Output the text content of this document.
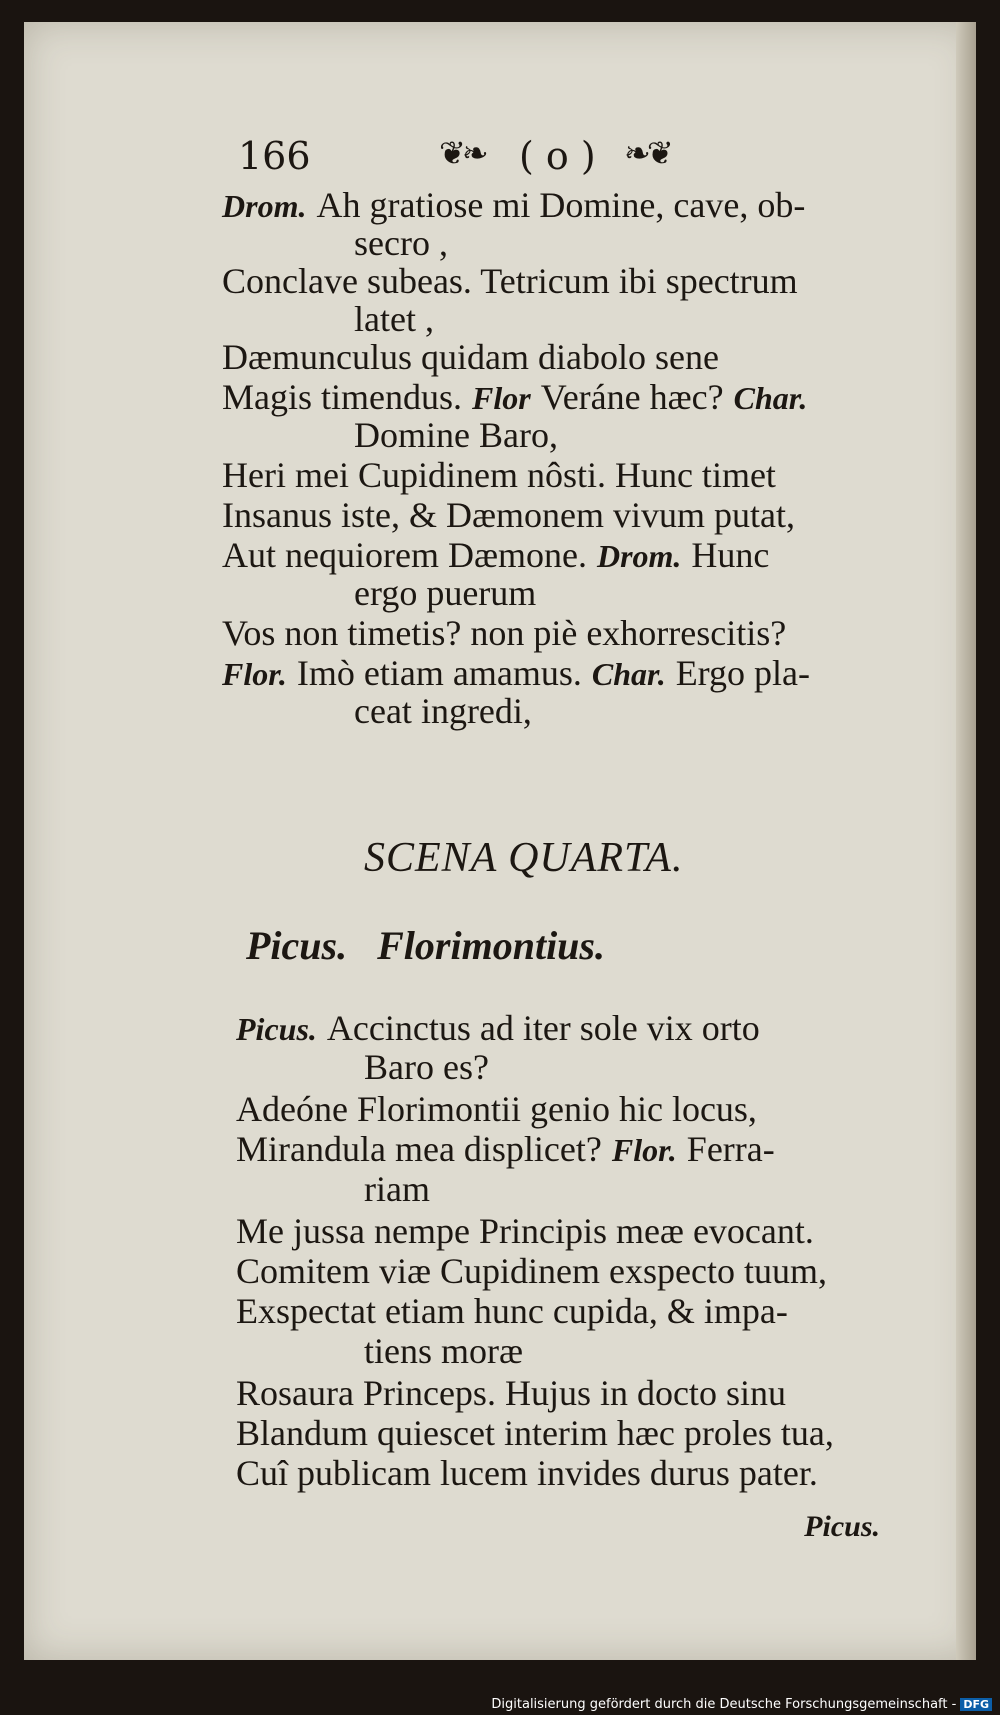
166	❦❧ ( o ) ❧❦
Drom. Ah gratiose mi Domine, cave, ob-
secro ,
Conclave subeas. Tetricum ibi spectrum
latet ,
Dæmunculus quidam diabolo sene
Magis timendus. Flor Veráne hæc? Char.
Domine Baro,
Heri mei Cupidinem nôsti. Hunc timet
Insanus iste, & Dæmonem vivum putat,
Aut nequiorem Dæmone. Drom. Hunc
ergo puerum
Vos non timetis? non piè exhorrescitis?
Flor. Imò etiam amamus. Char. Ergo pla-
ceat ingredi,
SCENA QUARTA.
Picus. Florimontius.
Picus. Accinctus ad iter sole vix orto
Baro es?
Adeóne Florimontii genio hic locus,
Mirandula mea displicet? Flor. Ferra-
riam
Me jussa nempe Principis meæ evocant.
Comitem viæ Cupidinem exspecto tuum,
Exspectat etiam hunc cupida, & impa-
tiens moræ
Rosaura Princeps. Hujus in docto sinu
Blandum quiescet interim hæc proles tua,
Cuî publicam lucem invides durus pater.
Picus.
Digitalisierung gefördert durch die Deutsche Forschungsgemeinschaft - DFG
